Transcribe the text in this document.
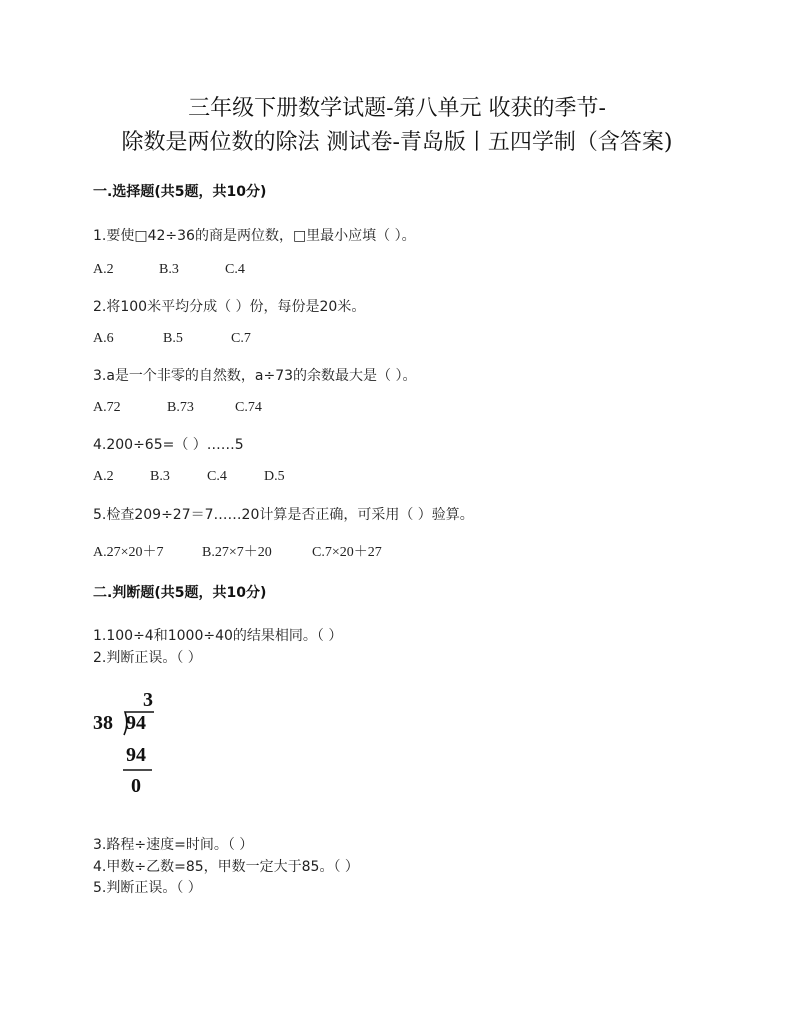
三年级下册数学试题-第八单元 收获的季节-
除数是两位数的除法 测试卷-青岛版丨五四学制（含答案)
一.选择题(共5题，共10分)
1.要使□42÷36的商是两位数，□里最小应填（ ）。
A.2	B.3	C.4
2.将100米平均分成（ ）份，每份是20米。
A.6	B.5	C.7
3.a是一个非零的自然数，a÷73的余数最大是（ ）。
A.72	B.73	C.74
4.200÷65=（ ）……5
A.2	B.3	C.4	D.5
5.检查209÷27＝7……20计算是否正确，可采用（ ）验算。
A.27×20＋7	B.27×7＋20	C.7×20＋27
二.判断题(共5题，共10分)
1.100÷4和1000÷40的结果相同。（ ）
2.判断正误。（ ）
3
38 94
94
0
3.路程÷速度=时间。（ ）
4.甲数÷乙数=85，甲数一定大于85。（ ）
5.判断正误。（ ）
